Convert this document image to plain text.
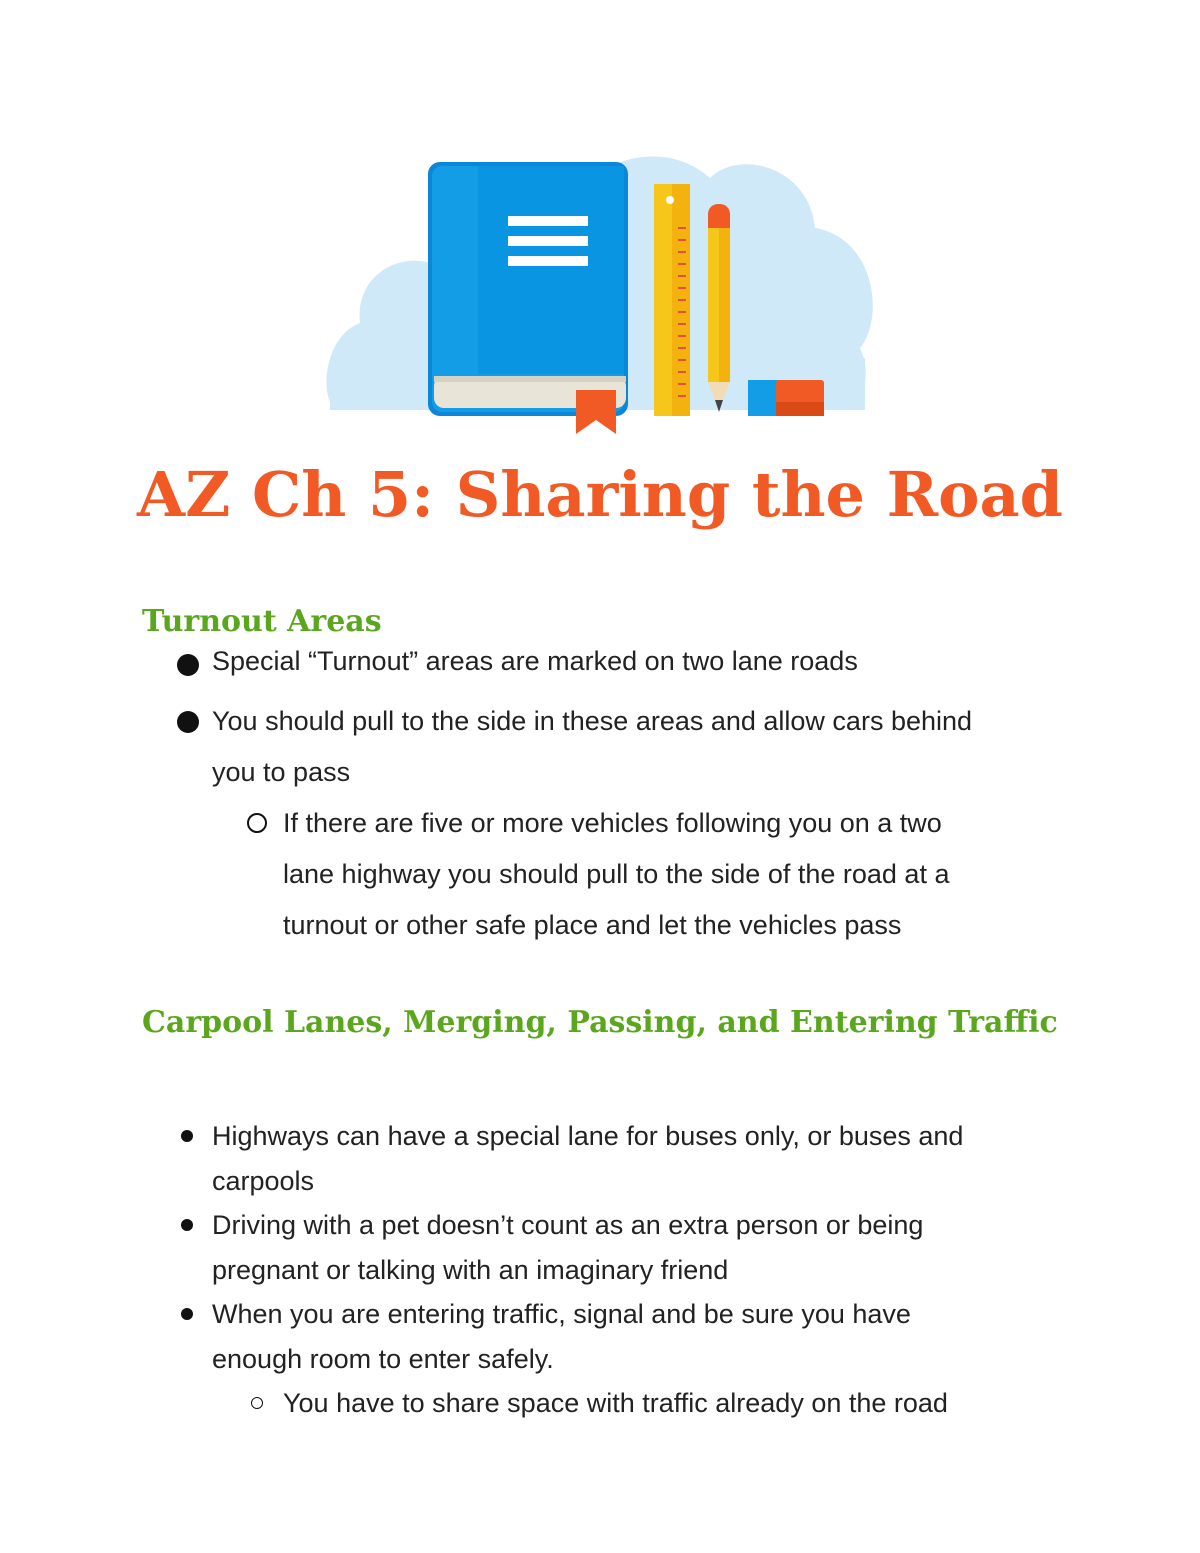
AZ Ch 5: Sharing the Road
Turnout Areas
Special “Turnout” areas are marked on two lane roads
You should pull to the side in these areas and allow cars behind
you to pass
If there are five or more vehicles following you on a two
lane highway you should pull to the side of the road at a
turnout or other safe place and let the vehicles pass
Carpool Lanes, Merging, Passing, and Entering Traffic
Highways can have a special lane for buses only, or buses and
carpools
Driving with a pet doesn’t count as an extra person or being
pregnant or talking with an imaginary friend
When you are entering traffic, signal and be sure you have
enough room to enter safely.
You have to share space with traffic already on the road
